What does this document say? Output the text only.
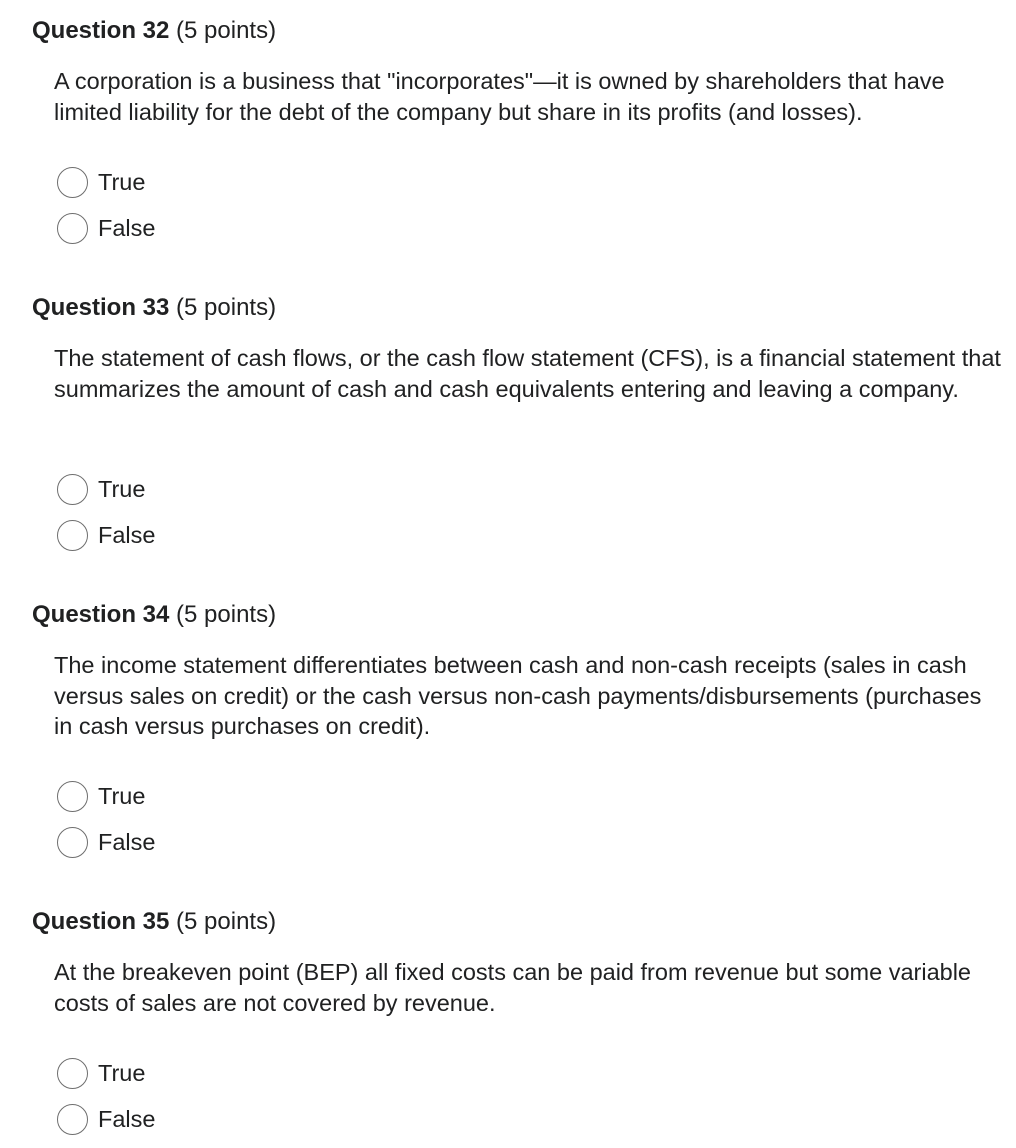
Question 32 (5 points)
A corporation is a business that "incorporates"—it is owned by shareholders that have limited liability for the debt of the company but share in its profits (and losses).
True
False
Question 33 (5 points)
The statement of cash flows, or the cash flow statement (CFS), is a financial statement that summarizes the amount of cash and cash equivalents entering and leaving a company.
True
False
Question 34 (5 points)
The income statement differentiates between cash and non-cash receipts (sales in cash versus sales on credit) or the cash versus non-cash payments/disbursements (purchases in cash versus purchases on credit).
True
False
Question 35 (5 points)
At the breakeven point (BEP) all fixed costs can be paid from revenue but some variable costs of sales are not covered by revenue.
True
False
